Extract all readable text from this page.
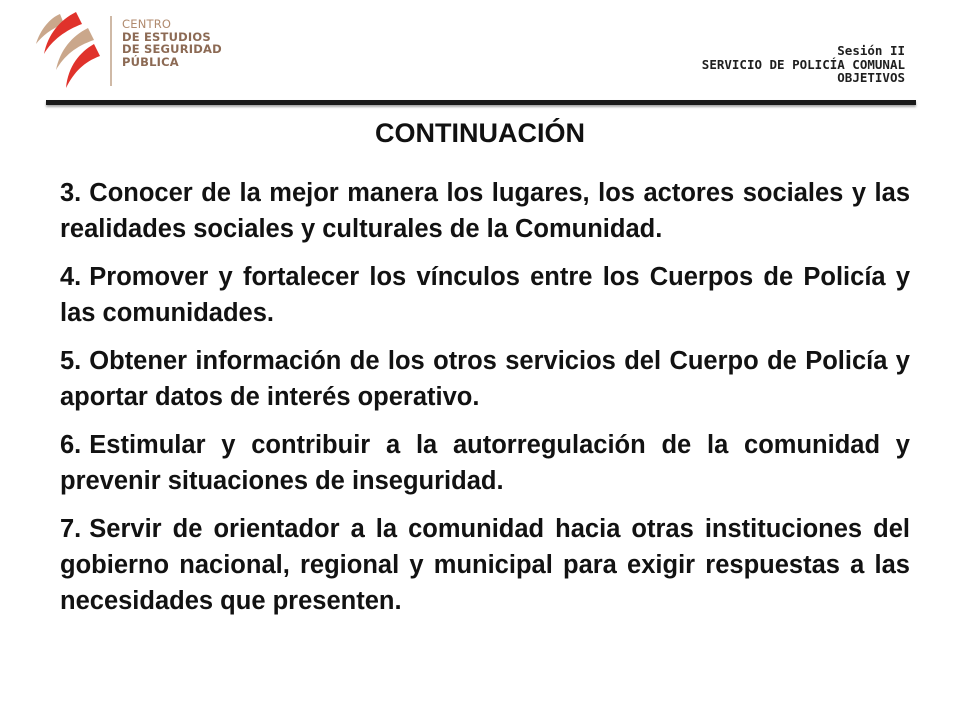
CENTRO
DE ESTUDIOS
DE SEGURIDAD
PÚBLICA
Sesión II
SERVICIO DE POLICÍA COMUNAL
OBJETIVOS
CONTINUACIÓN

3. Conocer de la mejor manera los lugares, los actores sociales y las realidades sociales y culturales de la Comunidad.

4. Promover y fortalecer los vínculos entre los Cuerpos de Policía y las comunidades.

5. Obtener información de los otros servicios del Cuerpo de Policía y aportar datos de interés operativo.

6. Estimular y contribuir a la autorregulación de la comunidad y prevenir situaciones de inseguridad.

7. Servir de orientador a la comunidad hacia otras instituciones del gobierno nacional, regional y municipal para exigir respuestas a las necesidades que presenten.
